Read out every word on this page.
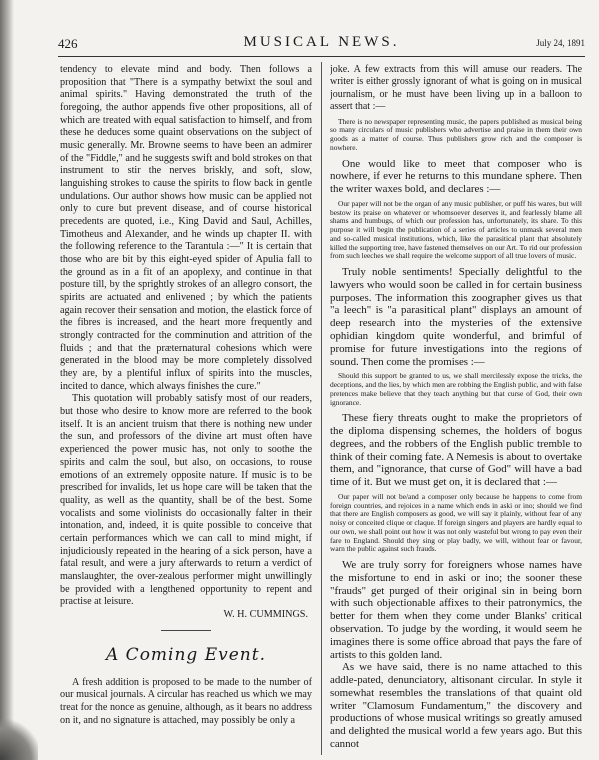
426	MUSICAL NEWS.	July 24, 1891

tendency to elevate mind and body. Then follows a proposition that "There is a sympathy betwixt the soul and animal spirits." Having demonstrated the truth of the foregoing, the author appends five other propositions, all of which are treated with equal satisfaction to himself, and from these he deduces some quaint observations on the subject of music generally. Mr. Browne seems to have been an admirer of the "Fiddle," and he suggests swift and bold strokes on that instrument to stir the nerves briskly, and soft, slow, languishing strokes to cause the spirits to flow back in gentle undulations. Our author shows how music can be applied not only to cure but prevent disease, and of course historical precedents are quoted, i.e., King David and Saul, Achilles, Timotheus and Alexander, and he winds up chapter II. with the following reference to the Tarantula :—" It is certain that those who are bit by this eight-eyed spider of Apulia fall to the ground as in a fit of an apoplexy, and continue in that posture till, by the sprightly strokes of an allegro consort, the spirits are actuated and enlivened ; by which the patients again recover their sensation and motion, the elastick force of the fibres is increased, and the heart more frequently and strongly contracted for the comminution and attrition of the fluids ; and that the præternatural cohesions which were generated in the blood may be more completely dissolved they are, by a plentiful influx of spirits into the muscles, incited to dance, which always finishes the cure."

This quotation will probably satisfy most of our readers, but those who desire to know more are referred to the book itself. It is an ancient truism that there is nothing new under the sun, and professors of the divine art must often have experienced the power music has, not only to soothe the spirits and calm the soul, but also, on occasions, to rouse emotions of an extremely opposite nature. If music is to be prescribed for invalids, let us hope care will be taken that the quality, as well as the quantity, shall be of the best. Some vocalists and some violinists do occasionally falter in their intonation, and, indeed, it is quite possible to conceive that certain performances which we can call to mind might, if injudiciously repeated in the hearing of a sick person, have a fatal result, and were a jury afterwards to return a verdict of manslaughter, the over-zealous performer might unwillingly be provided with a lengthened opportunity to repent and practise at leisure.

W. H. CUMMINGS.
A Coming Event.

A fresh addition is proposed to be made to the number of our musical journals. A circular has reached us which we may treat for the nonce as genuine, although, as it bears no address on it, and no signature is attached, may possibly be only a

joke. A few extracts from this will amuse our readers. The writer is either grossly ignorant of what is going on in musical journalism, or he must have been living up in a balloon to assert that :—

There is no newspaper representing music, the papers published as musical being so many circulars of music publishers who advertise and praise in them their own goods as a matter of course. Thus publishers grow rich and the composer is nowhere.

One would like to meet that composer who is nowhere, if ever he returns to this mundane sphere. Then the writer waxes bold, and declares :—

Our paper will not be the organ of any music publisher, or puff his wares, but will bestow its praise on whatever or whomsoever deserves it, and fearlessly blame all shams and humbugs, of which our profession has, unfortunately, its share. To this purpose it will begin the publication of a series of articles to unmask several men and so-called musical institutions, which, like the parasitical plant that absolutely killed the supporting tree, have fastened themselves on our Art. To rid our profession from such leeches we shall require the welcome support of all true lovers of music.

Truly noble sentiments! Specially delightful to the lawyers who would soon be called in for certain business purposes. The information this zoographer gives us that "a leech" is "a parasitical plant" displays an amount of deep research into the mysteries of the extensive ophidian kingdom quite wonderful, and brimful of promise for future investigations into the regions of sound. Then come the promises :—

Should this support be granted to us, we shall mercilessly expose the tricks, the deceptions, and the lies, by which men are robbing the English public, and with false pretences make believe that they teach anything but that curse of God, their own ignorance.

These fiery threats ought to make the proprietors of the diploma dispensing schemes, the holders of bogus degrees, and the robbers of the English public tremble to think of their coming fate. A Nemesis is about to overtake them, and "ignorance, that curse of God" will have a bad time of it. But we must get on, it is declared that :—

Our paper will not be/and a composer only because he happens to come from foreign countries, and rejoices in a name which ends in aski or ino; should we find that there are English composers as good, we will say it plainly, without fear of any noisy or conceited clique or claque. If foreign singers and players are hardly equal to our own, we shall point out how it was not only wasteful but wrong to pay even their fare to England. Should they sing or play badly, we will, without fear or favour, warn the public against such frauds.

We are truly sorry for foreigners whose names have the misfortune to end in aski or ino; the sooner these "frauds" get purged of their original sin in being born with such objectionable affixes to their patronymics, the better for them when they come under Blanks' critical observation. To judge by the wording, it would seem he imagines there is some office abroad that pays the fare of artists to this golden land.

As we have said, there is no name attached to this addle-pated, denunciatory, altisonant circular. In style it somewhat resembles the translations of that quaint old writer "Clamosum Fundamentum," the discovery and productions of whose musical writings so greatly amused and delighted the musical world a few years ago. But this cannot
